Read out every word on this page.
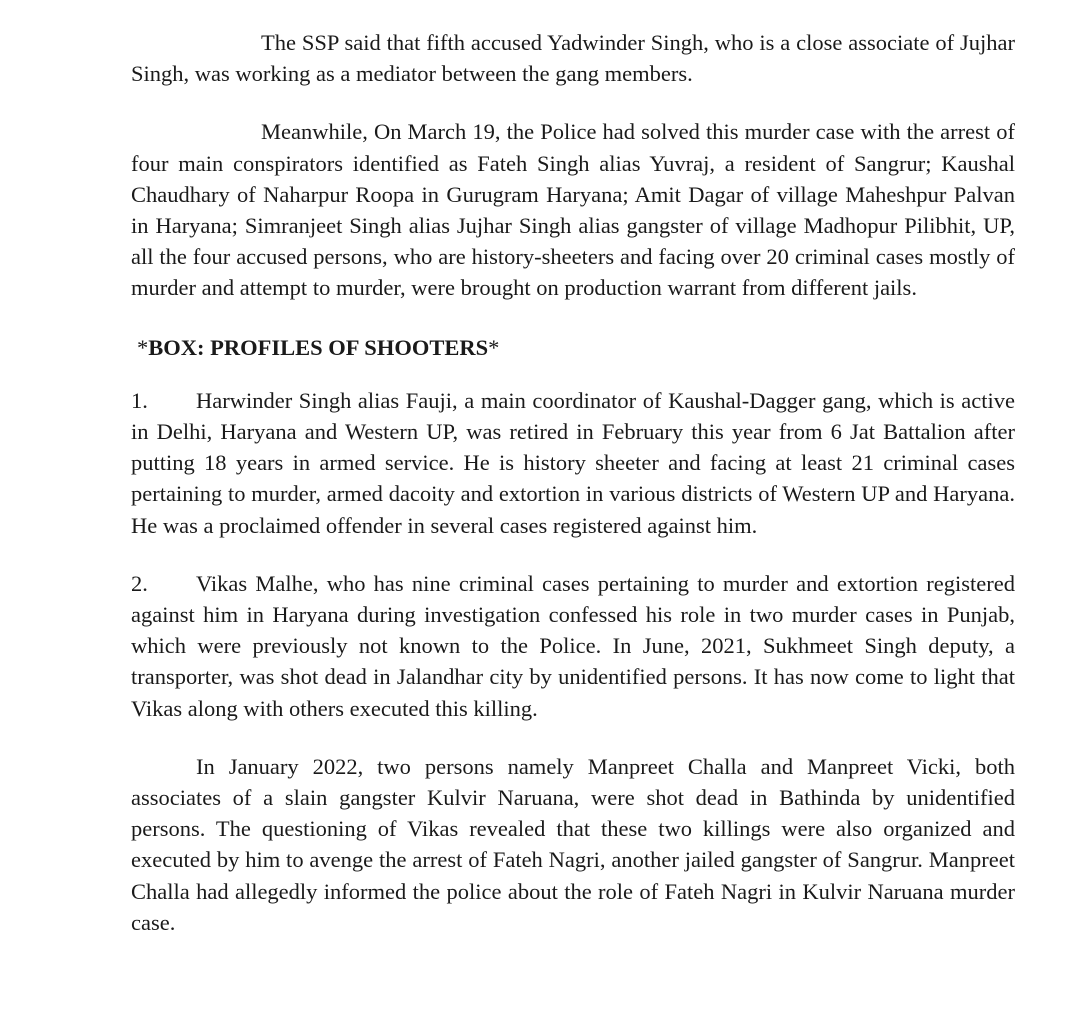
The SSP said that fifth accused Yadwinder Singh, who is a close associate of Jujhar Singh, was working as a mediator between the gang members.

Meanwhile, On March 19, the Police had solved this murder case with the arrest of four main conspirators identified as Fateh Singh alias Yuvraj, a resident of Sangrur; Kaushal Chaudhary of Naharpur Roopa in Gurugram Haryana; Amit Dagar of village Maheshpur Palvan in Haryana; Simranjeet Singh alias Jujhar Singh alias gangster of village Madhopur Pilibhit, UP, all the four accused persons, who are history-sheeters and facing over 20 criminal cases mostly of murder and attempt to murder, were brought on production warrant from different jails.

*BOX: PROFILES OF SHOOTERS*

1. Harwinder Singh alias Fauji, a main coordinator of Kaushal-Dagger gang, which is active in Delhi, Haryana and Western UP, was retired in February this year from 6 Jat Battalion after putting 18 years in armed service. He is history sheeter and facing at least 21 criminal cases pertaining to murder, armed dacoity and extortion in various districts of Western UP and Haryana. He was a proclaimed offender in several cases registered against him.

2. Vikas Malhe, who has nine criminal cases pertaining to murder and extortion registered against him in Haryana during investigation confessed his role in two murder cases in Punjab, which were previously not known to the Police. In June, 2021, Sukhmeet Singh deputy, a transporter, was shot dead in Jalandhar city by unidentified persons. It has now come to light that Vikas along with others executed this killing.

In January 2022, two persons namely Manpreet Challa and Manpreet Vicki, both associates of a slain gangster Kulvir Naruana, were shot dead in Bathinda by unidentified persons. The questioning of Vikas revealed that these two killings were also organized and executed by him to avenge the arrest of Fateh Nagri, another jailed gangster of Sangrur. Manpreet Challa had allegedly informed the police about the role of Fateh Nagri in Kulvir Naruana murder case.
